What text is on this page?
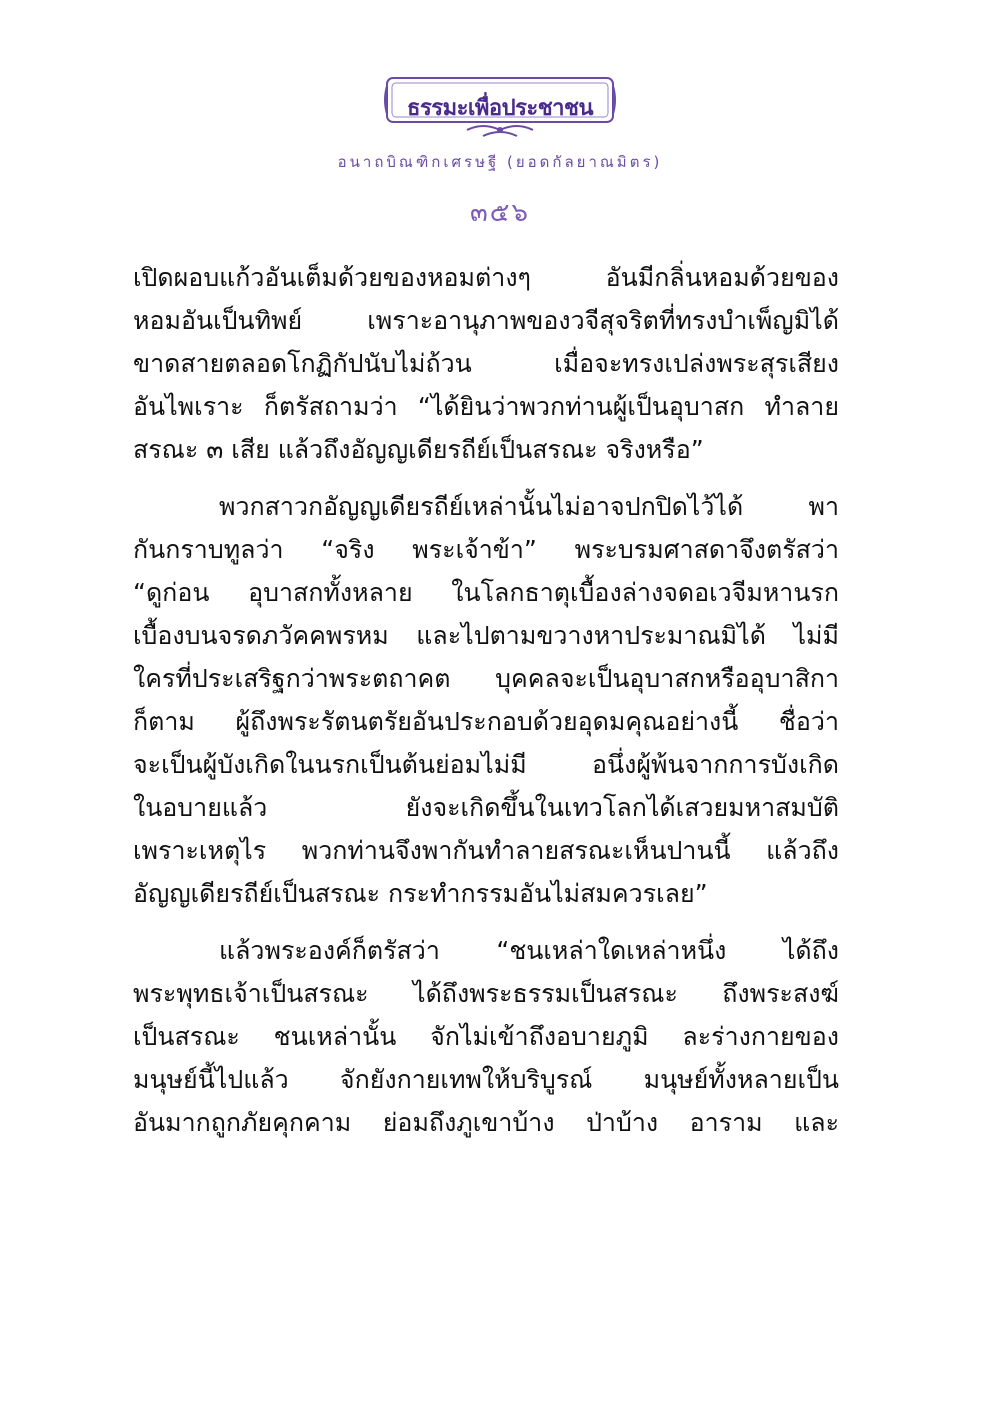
ธรรมะเพื่อประชาชน
อนาถบิณฑิกเศรษฐี (ยอดกัลยาณมิตร)
๓๕๖
เปิดผอบแก้วอันเต็มด้วยของหอมต่างๆ อันมีกลิ่นหอมด้วยของ
หอมอันเป็นทิพย์ เพราะอานุภาพของวจีสุจริตที่ทรงบำเพ็ญมิได้
ขาดสายตลอดโกฏิกัปนับไม่ถ้วน เมื่อจะทรงเปล่งพระสุรเสียง
อันไพเราะ ก็ตรัสถามว่า “ได้ยินว่าพวกท่านผู้เป็นอุบาสก ทำลาย
สรณะ ๓ เสีย แล้วถึงอัญญเดียรถีย์เป็นสรณะ จริงหรือ”
พวกสาวกอัญญเดียรถีย์เหล่านั้นไม่อาจปกปิดไว้ได้ พา
กันกราบทูลว่า “จริง พระเจ้าข้า” พระบรมศาสดาจึงตรัสว่า
“ดูก่อน อุบาสกทั้งหลาย ในโลกธาตุเบื้องล่างจดอเวจีมหานรก
เบื้องบนจรดภวัคคพรหม และไปตามขวางหาประมาณมิได้ ไม่มี
ใครที่ประเสริฐกว่าพระตถาคต บุคคลจะเป็นอุบาสกหรืออุบาสิกา
ก็ตาม ผู้ถึงพระรัตนตรัยอันประกอบด้วยอุดมคุณอย่างนี้ ชื่อว่า
จะเป็นผู้บังเกิดในนรกเป็นต้นย่อมไม่มี อนึ่งผู้พ้นจากการบังเกิด
ในอบายแล้ว ยังจะเกิดขึ้นในเทวโลกได้เสวยมหาสมบัติ
เพราะเหตุไร พวกท่านจึงพากันทำลายสรณะเห็นปานนี้ แล้วถึง
อัญญเดียรถีย์เป็นสรณะ กระทำกรรมอันไม่สมควรเลย”
แล้วพระองค์ก็ตรัสว่า “ชนเหล่าใดเหล่าหนึ่ง ได้ถึง
พระพุทธเจ้าเป็นสรณะ ได้ถึงพระธรรมเป็นสรณะ ถึงพระสงฆ์
เป็นสรณะ ชนเหล่านั้น จักไม่เข้าถึงอบายภูมิ ละร่างกายของ
มนุษย์นี้ไปแล้ว จักยังกายเทพให้บริบูรณ์ มนุษย์ทั้งหลายเป็น
อันมากถูกภัยคุกคาม ย่อมถึงภูเขาบ้าง ป่าบ้าง อาราม และ
